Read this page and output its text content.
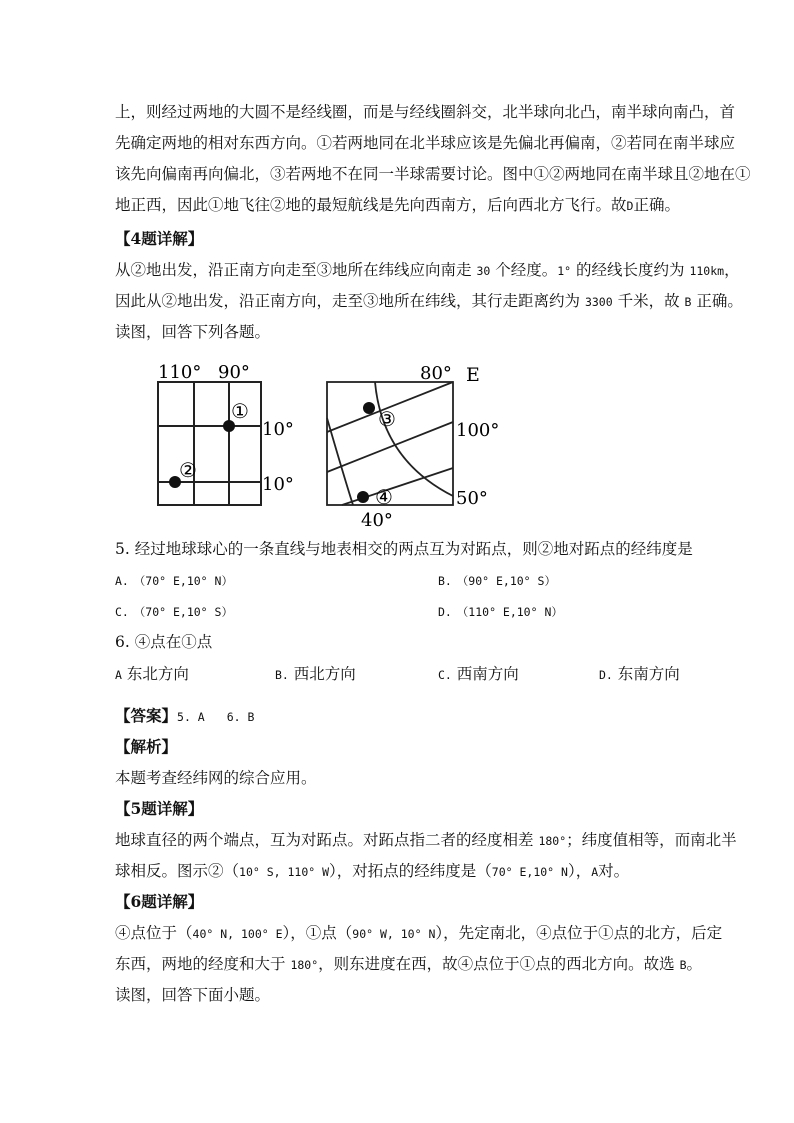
上，则经过两地的大圆不是经线圈，而是与经线圈斜交，北半球向北凸，南半球向南凸，首
先确定两地的相对东西方向。①若两地同在北半球应该是先偏北再偏南，②若同在南半球应
该先向偏南再向偏北，③若两地不在同一半球需要讨论。图中①②两地同在南半球且②地在①
地正西，因此①地飞往②地的最短航线是先向西南方，后向西北方飞行。故D正确。
【4题详解】
从②地出发，沿正南方向走至③地所在纬线应向南走 30 个经度。1° 的经线长度约为 110km，
因此从②地出发，沿正南方向，走至③地所在纬线，其行走距离约为 3300 千米，故 B 正确。
读图，回答下列各题。
110° 90°
10°
10°
①
②
80° E
100°
50°
40°
③
④
5. 经过地球球心的一条直线与地表相交的两点互为对跖点，则②地对跖点的经纬度是
A. （70° E,10° N）	B. （90° E,10° S）
C. （70° E,10° S）	D. （110° E,10° N）
6. ④点在①点
A 东北方向	B. 西北方向	C. 西南方向	D. 东南方向
【答案】5. A 6. B
【解析】
本题考查经纬网的综合应用。
【5题详解】
地球直径的两个端点，互为对跖点。对跖点指二者的经度相差 180°；纬度值相等，而南北半
球相反。图示②（10° S, 110° W），对拓点的经纬度是（70° E,10° N），A对。
【6题详解】
④点位于（40° N, 100° E），①点（90° W, 10° N），先定南北，④点位于①点的北方，后定
东西，两地的经度和大于 180°，则东进度在西，故④点位于①点的西北方向。故选 B。
读图，回答下面小题。
